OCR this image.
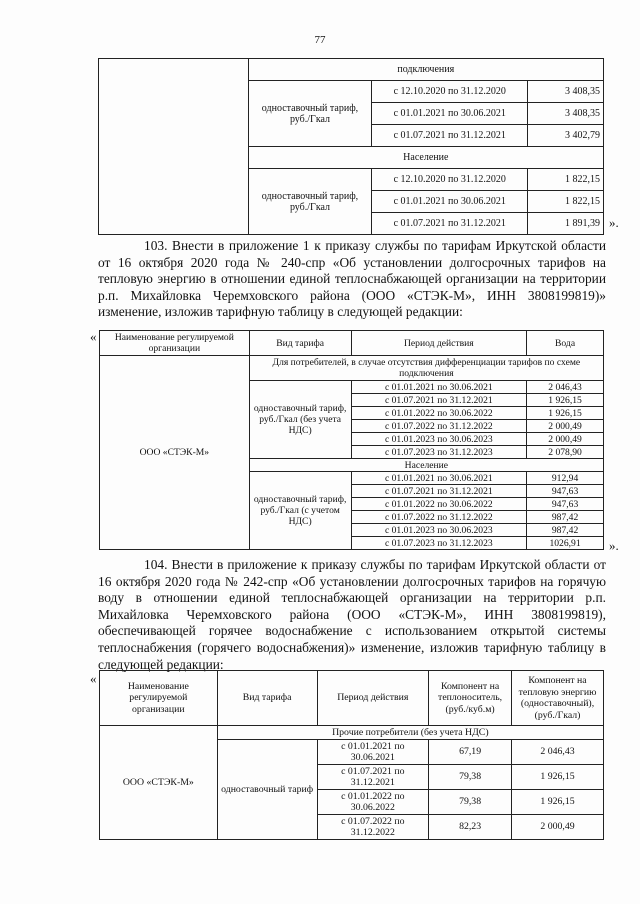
77
	подключения		
	одноставочный тариф, руб./Гкал	с 12.10.2020 по 31.12.2020	3 408,35
		с 01.01.2021 по 30.06.2021	3 408,35
		с 01.07.2021 по 31.12.2021	3 402,79
	Население		
	одноставочный тариф, руб./Гкал	с 12.10.2020 по 31.12.2020	1 822,15
		с 01.01.2021 по 30.06.2021	1 822,15
		с 01.07.2021 по 31.12.2021	1 891,39 ».

103. Внести в приложение 1 к приказу службы по тарифам Иркутской области от 16 октября 2020 года № 240-спр «Об установлении долгосрочных тарифов на тепловую энергию в отношении единой теплоснабжающей организации на территории р.п. Михайловка Черемховского района (ООО «СТЭК-М», ИНН 3808199819)» изменение, изложив тарифную таблицу в следующей редакции:

« Наименование регулируемой организации	Вид тарифа	Период действия	Вода
ООО «СТЭК-М»	Для потребителей, в случае отсутствия дифференциации тарифов по схеме подключения		
	одноставочный тариф, руб./Гкал (без учета НДС)	с 01.01.2021 по 30.06.2021	2 046,43
		с 01.07.2021 по 31.12.2021	1 926,15
		с 01.01.2022 по 30.06.2022	1 926,15
		с 01.07.2022 по 31.12.2022	2 000,49
		с 01.01.2023 по 30.06.2023	2 000,49
		с 01.07.2023 по 31.12.2023	2 078,90
	Население		
	одноставочный тариф, руб./Гкал (с учетом НДС)	с 01.01.2021 по 30.06.2021	912,94
		с 01.07.2021 по 31.12.2021	947,63
		с 01.01.2022 по 30.06.2022	947,63
		с 01.07.2022 по 31.12.2022	987,42
		с 01.01.2023 по 30.06.2023	987,42
		с 01.07.2023 по 31.12.2023	1026,91 ».

104. Внести в приложение к приказу службы по тарифам Иркутской области от 16 октября 2020 года № 242-спр «Об установлении долгосрочных тарифов на горячую воду в отношении единой теплоснабжающей организации на территории р.п. Михайловка Черемховского района (ООО «СТЭК-М», ИНН 3808199819), обеспечивающей горячее водоснабжение с использованием открытой системы теплоснабжения (горячего водоснабжения)» изменение, изложив тарифную таблицу в следующей редакции:

«
Наименование регулируемой организации	Вид тарифа	Период действия	Компонент на теплоноситель, (руб./куб.м)	Компонент на тепловую энергию (одноставочный), (руб./Гкал)
ООО «СТЭК-М»	Прочие потребители (без учета НДС)			
	одноставочный тариф	с 01.01.2021 по 30.06.2021	67,19	2 046,43
		с 01.07.2021 по 31.12.2021	79,38	1 926,15
		с 01.01.2022 по 30.06.2022	79,38	1 926,15
		с 01.07.2022 по 31.12.2022	82,23	2 000,49
